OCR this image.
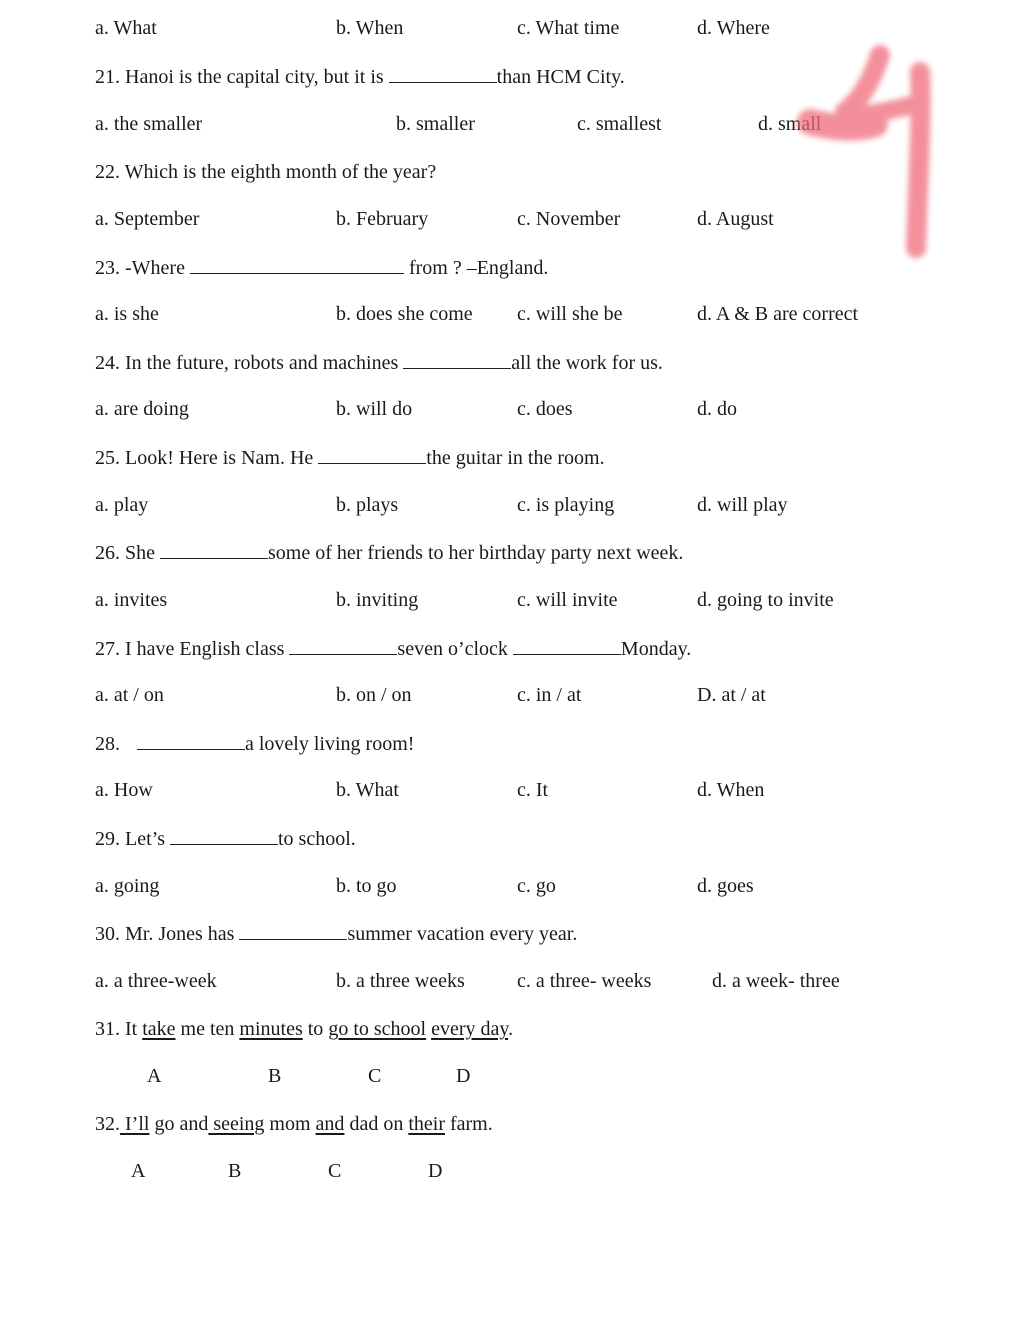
a. What	b. When	c. What time	d. Where
21. Hanoi is the capital city, but it is	than HCM City.
a. the smaller	b. smaller	c. smallest	d. small
22. Which is the eighth month of the year?
a. September	b. February	c. November	d. August
23. -Where	from ? –England.
a. is she	b. does she come c. will she be	d. A & B are correct
24. In the future, robots and machines	all the work for us.
a. are doing	b. will do	c. does	d. do
25. Look! Here is Nam. He	the guitar in the room.
a. play	b. plays	c. is playing	d. will play
26. She	some of her friends to her birthday party next week.
a. invites	b. inviting	c. will invite	d. going to invite
27. I have English class	seven o’clock	Monday.
a. at / on	b. on / on	c. in / at	D. at / at
28.	a lovely living room!
a. How	b. What	c. It	d. When
29. Let’s	to school.
a. going	b. to go	c. go	d. goes
30. Mr. Jones has	summer vacation every year.
a. a three-week	b. a three weeks	c. a three- weeks	d. a week- three
31. It take me ten minutes to go to school every day.
A	B	C	D
32. I’ll go and seeing mom and dad on their farm.
A	B	C	D
